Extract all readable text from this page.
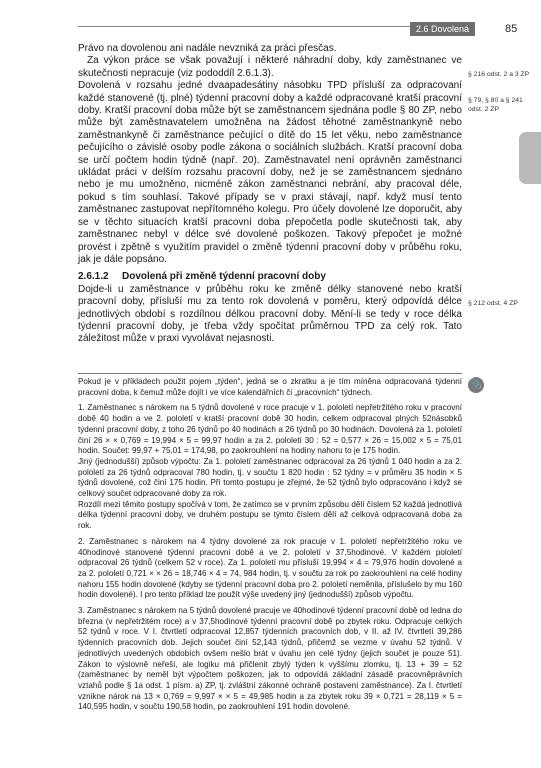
2.6 Dovolená	85
§ 216 odst. 2 a 3 ZP
§ 79, § 80 a § 241 odst. 2 ZP
§ 212 odst. 4 ZP

Právo na dovolenou ani nadále nevzniká za práci přesčas.

Za výkon práce se však považují i některé náhradní doby, kdy zaměstnanec ve skutečnosti nepracuje (viz pododdíl 2.6.1.3).

Dovolená v rozsahu jedné dvaapadesátiny násobku TPD přísluší za odpracovaní každé stanovené (tj. plné) týdenní pracovní doby a každé odpracované kratší pracovní doby. Kratší pracovní doba může být se zaměstnancem sjednána podle § 80 ZP, nebo může být zaměstnavatelem umožněna na žádost těhotné zaměstnankyně nebo zaměstnankyně či zaměstnance pečující o dítě do 15 let věku, nebo zaměstnance pečujícího o závislé osoby podle zákona o sociálních službách. Kratší pracovní doba se určí počtem hodin týdně (např. 20). Zaměstnavatel není oprávněn zaměstnanci ukládat práci v delším rozsahu pracovní doby, než je se zaměstnancem sjednáno nebo je mu umožněno, nicméně zákon zaměstnanci nebrání, aby pracoval déle, pokud s tím souhlasí. Takové případy se v praxi stávají, např. když musí tento zaměstnanec zastupovat nepřítomného kolegu. Pro účely dovolené lze doporučit, aby se v těchto situacích kratší pracovní doba přepočetla podle skutečnosti tak, aby zaměstnanec nebyl v délce své dovolené poškozen. Takový přepočet je možné provést i zpětně s využitím pravidel o změně týdenní pracovní doby v průběhu roku, jak je dále popsáno.

2.6.1.2 Dovolená při změně týdenní pracovní doby

Dojde-li u zaměstnance v průběhu roku ke změně délky stanovené nebo kratší pracovní doby, přísluší mu za tento rok dovolená v poměru, který odpovídá délce jednotlivých období s rozdílnou délkou pracovní doby. Mění-li se tedy v roce délka týdenní pracovní doby, je třeba vždy spočítat průměrnou TPD za celý rok. Tato záležitost může v praxi vyvolávat nejasnosti.

📎

Pokud je v příkladech použit pojem „týden“, jedná se o zkratku a je tím míněna odpracovaná týdenní pracovní doba, k čemuž může dojít i ve více kalendářních či „pracovních“ týdnech.

1. Zaměstnanec s nárokem na 5 týdnů dovolené v roce pracuje v 1. pololetí nepřetržitého roku v pracovní době 40 hodin a ve 2. pololetí v kratší pracovní době 30 hodin, celkem odpracoval plných 52násobků týdenní pracovní doby, z toho 26 týdnů po 40 hodinách a 26 týdnů po 30 hodinách. Dovolená za 1. pololetí činí 26 × × 0,769 = 19,994 × 5 = 99,97 hodin a za 2. pololetí 30 : 52 = 0,577 × 26 = 15,002 × 5 = 75,01 hodin. Součet: 99,97 + 75,01 = 174,98, po zaokrouhlení na hodiny nahoru to je 175 hodin.

Jiný (jednodušší) způsob výpočtu: Za 1. pololetí zaměstnanec odpracoval za 26 týdnů 1 040 hodin a za 2. pololetí za 26 týdnů odpracoval 780 hodin, tj. v součtu 1 820 hodin : 52 týdny = v průměru 35 hodin × 5 týdnů dovolené, což činí 175 hodin. Při tomto postupu je zřejmé, že 52 týdnů bylo odpracováno i když se celkový součet odpracované doby za rok.

Rozdíl mezi těmito postupy spočívá v tom, že zatímco se v prvním způsobu dělí číslem 52 každá jednotlivá délka týdenní pracovní doby, ve druhém postupu se týmto číslem dělí až celková odpracovaná doba za rok.

2. Zaměstnanec s nárokem na 4 týdny dovolené za rok pracuje v 1. pololetí nepřetržitého roku ve 40hodinové stanovené týdenní pracovní době a ve 2. pololetí v 37,5hodinové. V každém pololetí odpracoval 26 týdnů (celkem 52 v roce). Za 1. pololetí mu přísluší 19,994 × 4 = 79,976 hodin dovolené a za 2. pololetí 0,721 × × 26 = 18,746 × 4 = 74, 984 hodin, tj. v součtu za rok po zaokrouhlení na celé hodiny nahoru 155 hodin dovolené (kdyby se týdenní pracovní doba pro 2. pololetí neměnila, příslušelo by mu 160 hodin dovolené). I pro tento příklad lze použít výše uvedený jiný (jednodušší) způsob výpočtu.

3. Zaměstnanec s nárokem na 5 týdnů dovolené pracuje ve 40hodinové týdenní pracovní době od ledna do března (v nepřetržitém roce) a v 37,5hodinové týdenní pracovní době po zbytek roku. Odpracuje celkých 52 týdnů v roce. V I. čtvrtletí odpracoval 12,857 týdenních pracovních dob, v II. až IV. čtvrtletí 39,286 týdenních pracovních dob. Jejich součet činí 52,143 týdnů, přičemž se vezme v úvahu 52 týdnů. V jednotlivých uvedených obdobích ovšem nešlo brát v úvahu jen celé týdny (jejich součet je pouze 51). Zákon to výslovně neřeší, ale logiku má přičlenit zbylý týden k vyššímu zlomku, tj. 13 + 39 = 52 (zaměstnanec by neměl být výpočtem poškozen, jak to odpovídá základní zásadě pracovněprávních vztahů podle § 1a odst. 1 písm. a) ZP, tj. zvláštní zákonné ochraně postavení zaměstnance). Za I. čtvrtletí vznikne nárok na 13 × 0,769 = 9,997 × × 5 = 49,985 hodin a za zbytek roku 39 × 0,721 = 28,119 × 5 = 140,595 hodin, v součtu 190,58 hodin, po zaokrouhlení 191 hodin dovolené.
